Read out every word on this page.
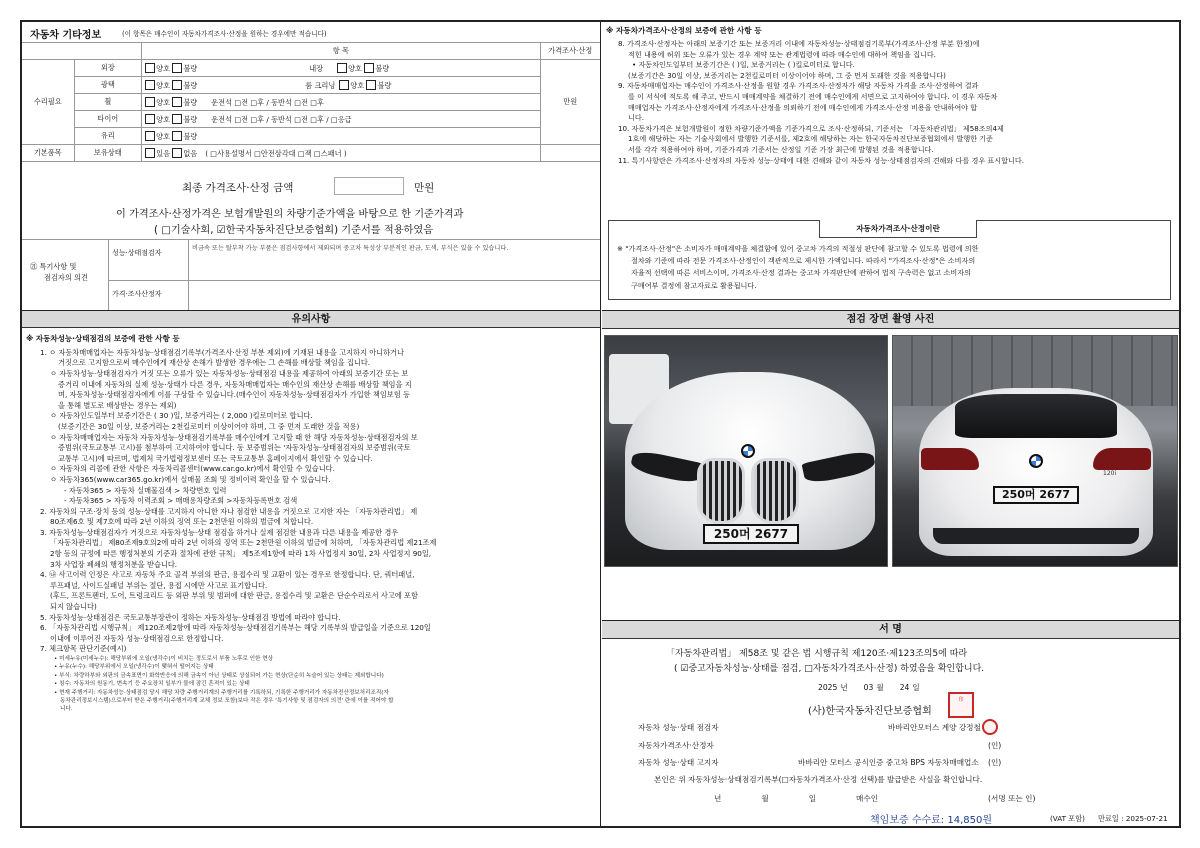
자동차 기타정보	(이 항목은 매수인이 자동차가격조사·산정을 원하는 경우에만 적습니다)
		항 목	가격조사·산정
수리필요	외장	양호 불량 내장 양호 불량	만원
	광택	양호 불량 룸 크리닝 양호 불량	
	휠	양호 불량 운전석 □전 □후 / 동반석 □전 □후	
	타이어	양호 불량 운전석 □전 □후 / 동반석 □전 □후 / □응급	
	유리	양호 불량	
기본품목	보유상태	있음 없음 ( □사용설명서 □안전삼각대 □잭 □스패너 )	
최종 가격조사·산정 금액	만원
이 가격조사·산정가격은 보험개발원의 차량기준가액을 바탕으로 한 기준가격과
( □기술사회, ☑한국자동차진단보증협회) 기준서를 적용하였음
㉑ 특기사항 및
점검자의 의견
성능·상태점검자
비금속 또는 탈부착 가능 부품은 점검사항에서 제외되며 중고차 특성상 부분적인 판금, 도색, 부식은 있을 수 있습니다.
가격·조사산정자
유의사항
※ 자동차성능·상태점검의 보증에 관한 사항 등
1. ㅇ 자동차매매업자는 자동차성능·상태점검기록부(가격조사·산정 부분 제외)에 기재된 내용을 고지하지 아니하거나
거짓으로 고지함으로써 매수인에게 재산상 손해가 발생한 경우에는 그 손해를 배상할 책임을 집니다.
ㅇ 자동차성능·상태점검자가 거짓 또는 오류가 있는 자동차성능·상태점검 내용을 제공하여 아래의 보증기간 또는 보
증거리 이내에 자동차의 실제 성능·상태가 다른 경우, 자동차매매업자는 매수인의 재산상 손해를 배상할 책임을 지
며, 자동차성능·상태점검자에게 이를 구상할 수 있습니다.(매수인이 자동차성능·상태점검자가 가입한 책임보험 등
을 통해 별도로 배상받는 경우는 제외)
ㅇ 자동차인도일부터 보증기간은 ( 30 )일, 보증거리는 ( 2,000 )킬로미터로 합니다.
(보증기간은 30일 이상, 보증거리는 2천킬로미터 이상이어야 하며, 그 중 먼저 도래한 것을 적용)
ㅇ 자동차매매업자는 자동차 자동차성능·상태점검기록부를 매수인에게 고지할 때 한 해당 자동차성능·상태점검자의 보
증범위(국토교통부 고시)를 첨부하여 고지하여야 합니다. 동 보증범위는 '자동차성능·상태점검자의 보증범위(국토
교통부 고시)에 따르며, 법제처 국가법령정보센터 또는 국토교통부 홈페이지에서 확인할 수 있습니다.
ㅇ 자동차의 리콜에 관한 사항은 자동차리콜센터(www.car.go.kr)에서 확인할 수 있습니다.
ㅇ 자동차365(www.car365.go.kr)에서 실매물 조회 및 정비이력 확인을 할 수 있습니다.
- 자동차365 > 자동차 실매물검색 > 차량번호 입력
- 자동차365 > 자동차 이력조회 > 매매용차량조회 >자동차등록번호 검색
2. 자동차의 구조·장치 등의 성능·상태를 고지하지 아니한 자나 점검한 내용을 거짓으로 고지한 자는 「자동차관리법」 제
80조제6호 및 제7호에 따라 2년 이하의 징역 또는 2천만원 이하의 벌금에 처합니다.
3. 자동차성능·상태점검자가 거짓으로 자동차성능·상태 점검을 하거나 실제 점검한 내용과 다른 내용을 제공한 경우
「자동차관리법」 제80조제9호의2에 따라 2년 이하의 징역 또는 2천만원 이하의 벌금에 처하며, 「자동차관리법 제21조제
2항 등의 규정에 따른 행정처분의 기준과 절차에 관한 규칙」 제5조제1항에 따라 1차 사업정지 30일, 2차 사업정지 90일,
3차 사업장 폐쇄의 행정처분을 받습니다.
4. ㉯ 사고이력 인정은 사고로 자동차 주요 골격 부위의 판금, 용접수리 및 교환이 있는 경우로 한정합니다. 단, 쿼터패널,
루프패널, 사이드실패널 부위는 절단, 용접 시에만 사고로 표기합니다.
(후드, 프론트펜더, 도어, 트렁크리드 등 외판 부위 및 범퍼에 대한 판금, 용접수리 및 교환은 단순수리로서 사고에 포함
되지 않습니다)
5. 자동차성능·상태점검은 국토교통부장관이 정하는 자동차성능·상태점검 방법에 따라야 합니다.
6. 「자동차관리법 시행규칙」 제120조제2항에 따라 자동차성능·상태점검기록부는 해당 기록부의 발급일을 기준으로 120일
이내에 이루어진 자동차 성능·상태점검으로 한정합니다.
7. 체크항목 판단기준(예시)
• 미세누유(미세누수): 해당부위에 오일(냉각수)이 비치는 정도로서 부품 노후로 인한 현상
• 누유(누수): 해당부위에서 오일(냉각수)이 맺혀서 떨어지는 상태
• 부식: 차량하부와 외판의 금속표면이 화학반응에 의해 금속이 아닌 상태로 상실되어 가는 현상(단순히 녹슬어 있는 상태는 제외합니다)
• 침수: 자동차의 원동기, 변속기 등 주요장치 일부가 물에 잠긴 흔적이 있는 상태
• 현재 주행거리: 자동차성능·상태점검 당시 해당 차량 주행거리계의 주행거리를 기록하되, 기록한 주행거리가 자동차전산정보처리조직(자
동차관리정보시스템)으로부터 받은 주행거리(주행거리계 교체 정보 포함)보다 작은 경우 '특기사항 및 점검자의 의견' 란에 이를 적어야 합
니다.
※ 자동차가격조사·산정의 보증에 관한 사항 등
8. 가격조사·산정자는 아래의 보증기간 또는 보증거리 이내에 자동차성능·상태점검기록부(가격조사·산정 부분 한정)에
적힌 내용에 허위 또는 오류가 있는 경우 계약 또는 관계법령에 따라 매수인에 대하여 책임을 집니다.
• 자동차인도일부터 보증기간은 ( )일, 보증거리는 ( )킬로미터로 합니다.
(보증기간은 30일 이상, 보증거리는 2천킬로미터 이상이어야 하며, 그 중 먼저 도래한 것을 적용합니다)
9. 자동차매매업자는 매수인이 가격조사·산정을 원할 경우 가격조사·산정자가 해당 자동차 가격을 조사·산정하여 결과
를 이 서식에 적도록 해 주고, 반드시 매매계약을 체결하기 전에 매수인에게 서면으로 고지하여야 합니다. 이 경우 자동차
매매업자는 가격조사·산정자에게 가격조사·산정을 의뢰하기 전에 매수인에게 가격조사·산정 비용을 안내하여야 합
니다.
10. 자동차가격은 보험개발원이 정한 차량기준가액을 기준가격으로 조사·산정하되, 기준서는 「자동차관리법」 제58조의4제
1호에 해당하는 자는 기술사회에서 발행한 기준서를, 제2호에 해당하는 자는 한국자동차진단보증협회에서 발행한 기준
서를 각각 적용하여야 하며, 기준가격과 기준서는 산정일 기준 가장 최근에 발행된 것을 적용합니다.
11. 특기사항란은 가격조사·산정자의 자동차 성능·상태에 대한 견해와 같이 자동차 성능·상태점검자의 견해와 다를 경우 표시합니다.
자동차가격조사·산정이란
※ "가격조사·산정"은 소비자가 매매계약을 체결함에 있어 중고차 가격의 적절성 판단에 참고할 수 있도록 법령에 의한
절차와 기준에 따라 전문 가격조사·산정인이 객관적으로 제시한 가액입니다. 따라서 "가격조사·산정"은 소비자의
자율적 선택에 따른 서비스이며, 가격조사·산정 결과는 중고차 가격판단에 관하여 법적 구속력은 없고 소비자의
구매여부 결정에 참고자료로 활용됩니다.
점검 장면 촬영 사진
250머 2677
120i
250머 2677
서 명
「자동차관리법」 제58조 및 같은 법 시행규칙 제120조·제123조의5에 따라
( ☑중고자동차성능·상태를 점검, □자동차가격조사·산정) 하였음을 확인합니다.
2025 년 03 월 24 일
(사)한국자동차진단보증협회
印
자동차 성능·상태 점검자	바바리안모터스 계양 강정철
자동차가격조사·산정자	(인)
자동차 성능·상태 고지자	바바리안 모터스 공식인증 중고차 BPS 자동차매매업소 (인)
본인은 위 자동차성능·상태점검기록부(□자동차가격조사·산정 선택)를 발급받은 사실을 확인합니다.
년	월	일	매수인	(서명 또는 인)
책임보증 수수료: 14,850원	(VAT 포함) 만료일 : 2025-07-21
